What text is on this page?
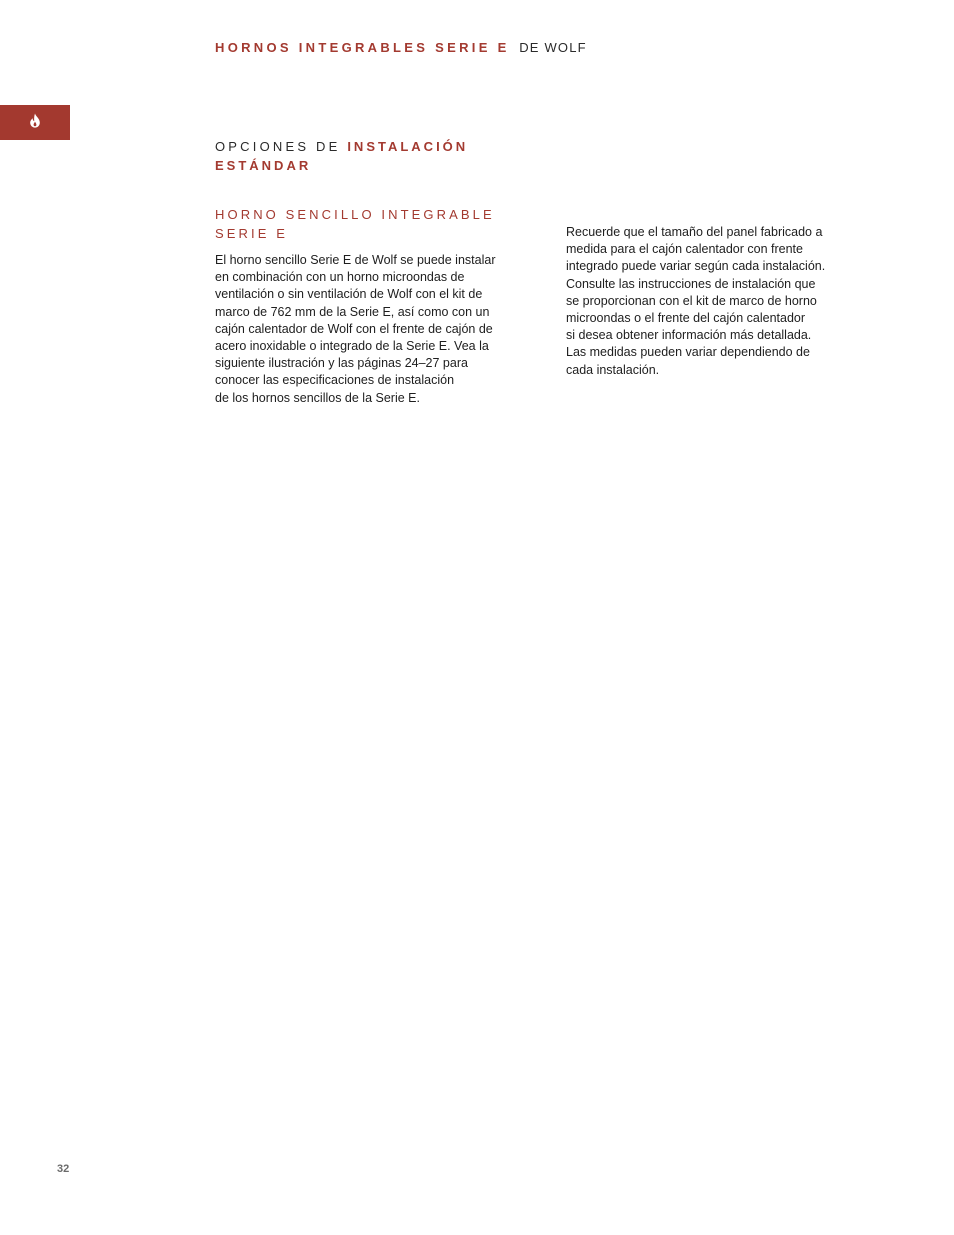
HORNOS INTEGRABLES SERIE E DE WOLF
OPCIONES DE INSTALACIÓN ESTÁNDAR
HORNO SENCILLO INTEGRABLE SERIE E

El horno sencillo Serie E de Wolf se puede instalar
en combinación con un horno microondas de
ventilación o sin ventilación de Wolf con el kit de
marco de 762 mm de la Serie E, así como con un
cajón calentador de Wolf con el frente de cajón de
acero inoxidable o integrado de la Serie E. Vea la
siguiente ilustración y las páginas 24–27 para
conocer las especificaciones de instalación
de los hornos sencillos de la Serie E.

Recuerde que el tamaño del panel fabricado a
medida para el cajón calentador con frente
integrado puede variar según cada instalación.
Consulte las instrucciones de instalación que
se proporcionan con el kit de marco de horno
microondas o el frente del cajón calentador
si desea obtener información más detallada.
Las medidas pueden variar dependiendo de
cada instalación.

32
